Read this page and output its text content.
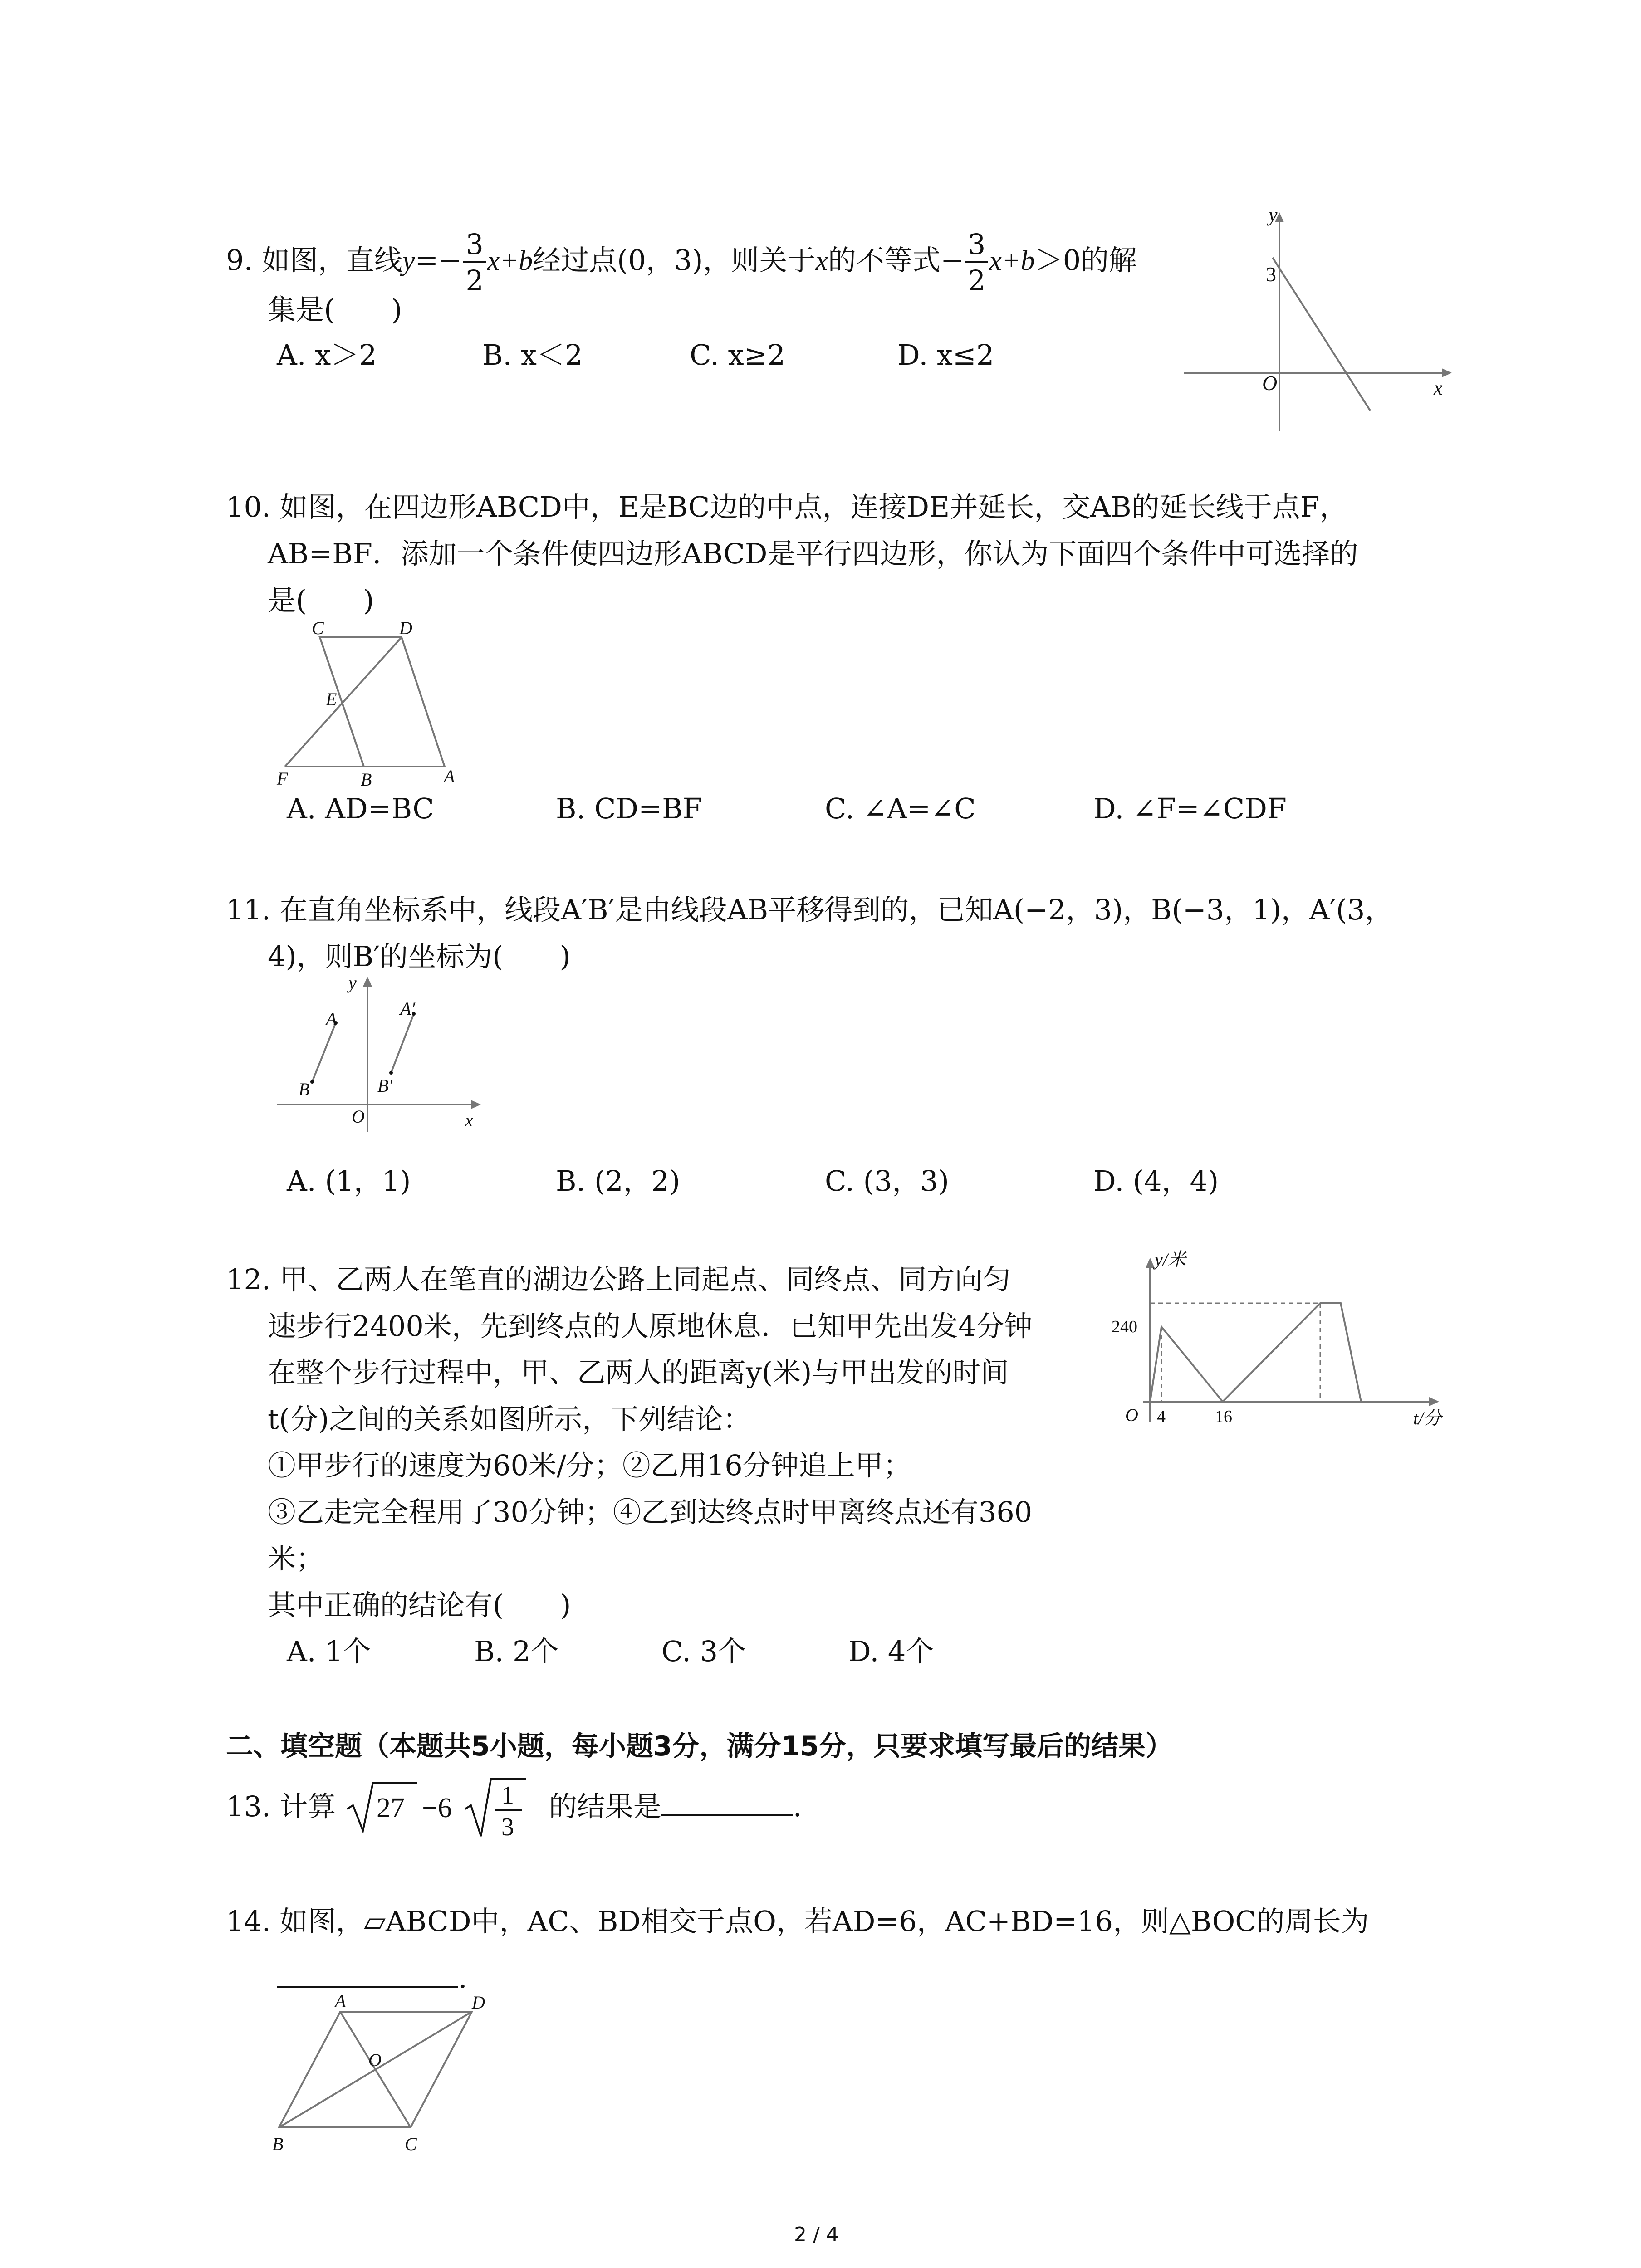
9. 如图，直线$y=- \frac{3}{2} x+b$经过点(0，3)，则关于x的不等式− $\frac{3}{2} x+b>0$的解
集是(　　)
A. x＞2	B. x＜2	C. x≥2	D. x≤2
y
x
3
O
10. 如图，在四边形ABCD中，E是BC边的中点，连接DE并延长，交AB的延长线于点F，
AB=BF．添加一个条件使四边形ABCD是平行四边形，你认为下面四个条件中可选择的
是(　　)
C	D
E
F	B	A
A. AD=BC	B. CD=BF	C. ∠A=∠C	D. ∠F=∠CDF
11. 在直角坐标系中，线段A′B′是由线段AB平移得到的，已知A(−2，3)，B(−3，1)，A′(3，
4)，则B′的坐标为(　　)
y
x
O
A
B
A′
B′
A. (1，1)	B. (2，2)	C. (3，3)	D. (4，4)
12. 甲、乙两人在笔直的湖边公路上同起点、同终点、同方向匀
速步行2400米，先到终点的人原地休息．已知甲先出发4分钟
在整个步行过程中，甲、乙两人的距离y(米)与甲出发的时间
t(分)之间的关系如图所示，下列结论：
①甲步行的速度为60米/分；②乙用16分钟追上甲；
③乙走完全程用了30分钟；④乙到达终点时甲离终点还有360
米；
其中正确的结论有(　　)
A. 1个	B. 2个	C. 3个	D. 4个
y/米
t/分
240
4	16
O
二、填空题（本题共5小题，每小题3分，满分15分，只要求填写最后的结果）
13. 计算 27 −6 1
3
的结果是	.
14. 如图，▱ABCD中，AC、BD相交于点O，若AD=6，AC+BD=16，则△BOC的周长为
.
A	D
O
B	C
2 / 4
